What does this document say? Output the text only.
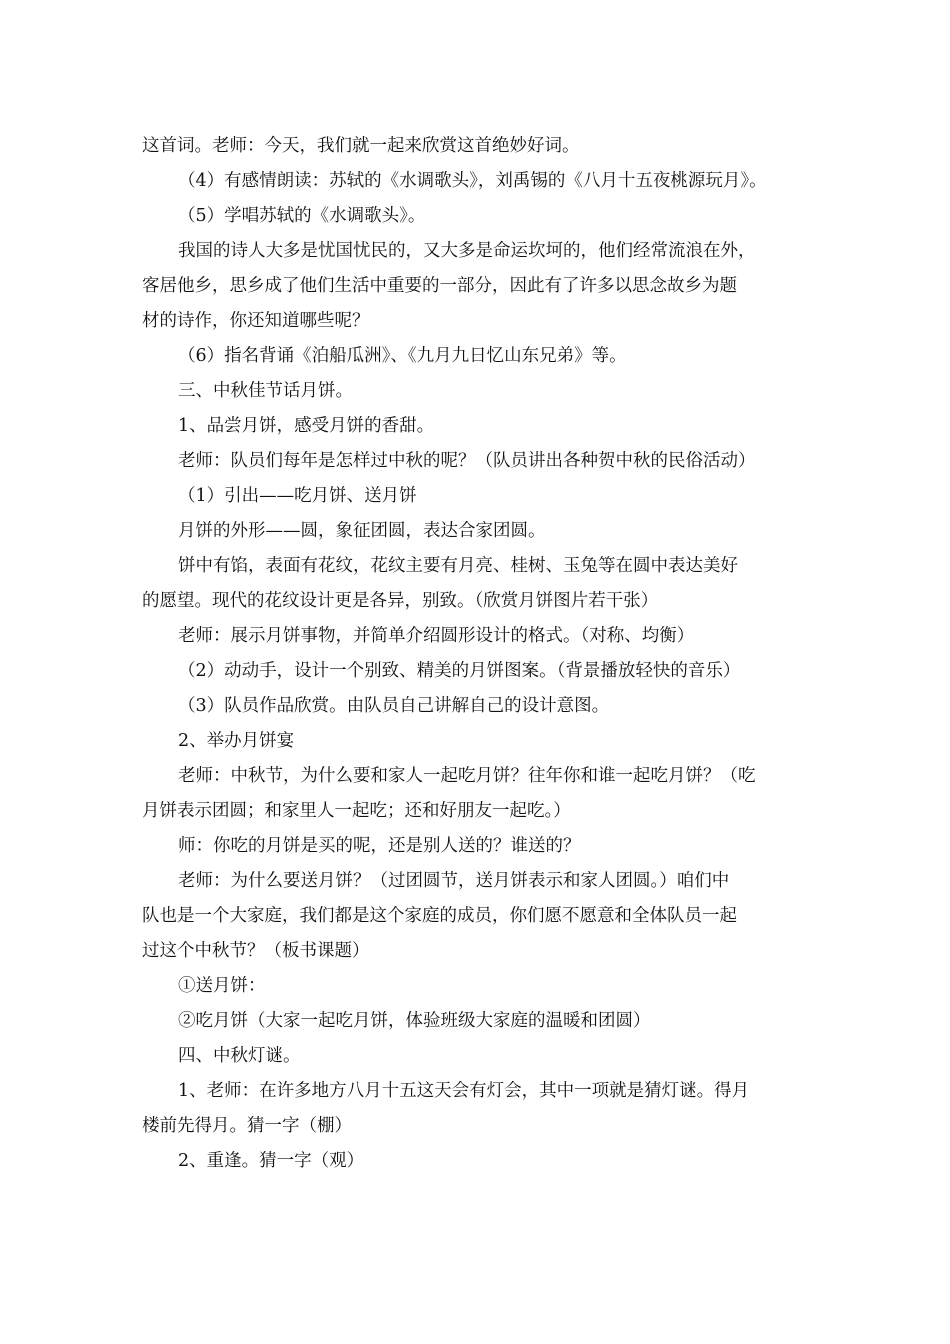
这首词。老师：今天，我们就一起来欣赏这首绝妙好词。
（4）有感情朗读：苏轼的《水调歌头》，刘禹锡的《八月十五夜桃源玩月》。
（5）学唱苏轼的《水调歌头》。
我国的诗人大多是忧国忧民的，又大多是命运坎坷的，他们经常流浪在外，
客居他乡，思乡成了他们生活中重要的一部分，因此有了许多以思念故乡为题
材的诗作，你还知道哪些呢？
（6）指名背诵《泊船瓜洲》、《九月九日忆山东兄弟》等。
三、中秋佳节话月饼。
1、品尝月饼，感受月饼的香甜。
老师：队员们每年是怎样过中秋的呢？（队员讲出各种贺中秋的民俗活动）
（1）引出——吃月饼、送月饼
月饼的外形——圆，象征团圆，表达合家团圆。
饼中有馅，表面有花纹，花纹主要有月亮、桂树、玉兔等在圆中表达美好
的愿望。现代的花纹设计更是各异，别致。（欣赏月饼图片若干张）
老师：展示月饼事物，并简单介绍圆形设计的格式。（对称、均衡）
（2）动动手，设计一个别致、精美的月饼图案。（背景播放轻快的音乐）
（3）队员作品欣赏。由队员自己讲解自己的设计意图。
2、举办月饼宴
老师：中秋节，为什么要和家人一起吃月饼？往年你和谁一起吃月饼？（吃
月饼表示团圆；和家里人一起吃；还和好朋友一起吃。）
师：你吃的月饼是买的呢，还是别人送的？谁送的？
老师：为什么要送月饼？（过团圆节，送月饼表示和家人团圆。）咱们中
队也是一个大家庭，我们都是这个家庭的成员，你们愿不愿意和全体队员一起
过这个中秋节？（板书课题）
①送月饼：
②吃月饼（大家一起吃月饼，体验班级大家庭的温暖和团圆）
四、中秋灯谜。
1、老师：在许多地方八月十五这天会有灯会，其中一项就是猜灯谜。得月
楼前先得月。猜一字（棚）
2、重逢。猜一字（观）
